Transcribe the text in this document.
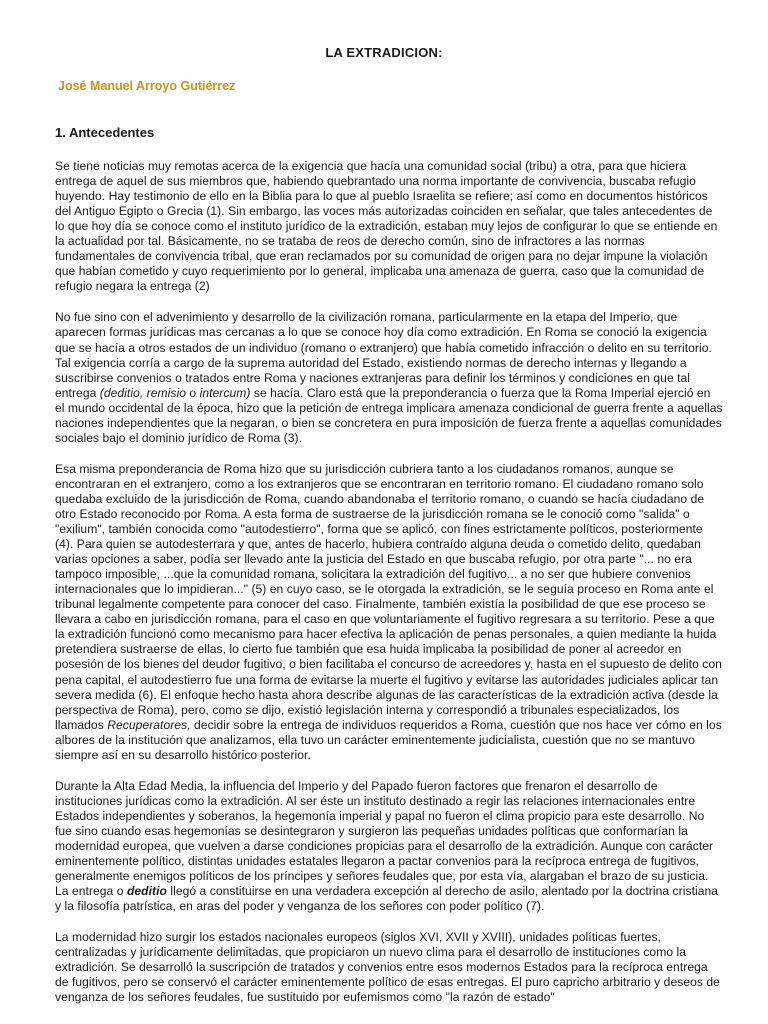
LA EXTRADICION:
José Manuel Arroyo Gutiérrez
1. Antecedentes

Se tiene noticias muy remotas acerca de la exigencia que hacía una comunidad social (tribu) a otra, para que hiciera entrega de aquel de sus miembros que, habiendo quebrantado una norma importante de convivencia, buscaba refugio huyendo. Hay testimonio de ello en la Biblia para lo que al pueblo Israelita se refiere; así como en documentos históricos del Antiguo Egipto o Grecia (1). Sin embargo, las voces más autorizadas coinciden en señalar, que tales antecedentes de lo que hoy día se conoce como el instituto jurídico de la extradición, estaban muy lejos de configurar lo que se entiende en la actualidad por tal. Básicamente, no se trataba de reos de derecho común, sino de infractores a las normas fundamentales de convivencia tribal, que eran reclamados por su comunidad de origen para no dejar impune la violación que habían cometido y cuyo requerimiento por lo general, implicaba una amenaza de guerra, caso que la comunidad de refugio negara la entrega (2)

No fue sino con el advenimiento y desarrollo de la civilización romana, particularmente en la etapa del Imperio, que aparecen formas jurídicas mas cercanas a lo que se conoce hoy día como extradición. En Roma se conoció la exigencia que se hacía a otros estados de un individuo (romano o extranjero) que había cometido infracción o delito en su territorio. Tal exigencia corría a cargo de la suprema autoridad del Estado, existiendo normas de derecho internas y llegando a suscribirse convenios o tratados entre Roma y naciones extranjeras para definir los términos y condiciones en que tal entrega (deditio, remisio o intercum) se hacía. Claro está que la preponderancia o fuerza que la Roma Imperial ejerció en el mundo occidental de la época, hizo que la petición de entrega implicara amenaza condicional de guerra frente a aquellas naciones independientes que la negaran, o bien se concretera en pura imposición de fuerza frente a aquellas comunidades sociales bajo el dominio jurídico de Roma (3).

Esa misma preponderancia de Roma hizo que su jurisdicción cubriera tanto a los ciudadanos romanos, aunque se encontraran en el extranjero, como a los extranjeros que se encontraran en territorio romano. El ciudadano romano solo quedaba excluido de la jurisdicción de Roma, cuando abandonaba el territorio romano, o cuando se hacía ciudadano de otro Estado reconocido por Roma. A esta forma de sustraerse de la jurisdicción romana se le conoció como "salida" o "exilium", también conocida como "autodestierro", forma que se aplicó, con fines estrictamente políticos, posteriormente (4). Para quien se autodesterrara y que, antes de hacerlo, hubiera contraído alguna deuda o cometido delito, quedaban varias opciones a saber, podía ser llevado ante la justicia del Estado en que buscaba refugio, por otra parte "... no era tampoco imposible, ...que la comunidad romana, solicitara la extradición del fugitivo... a no ser que hubiere convenios internacionales que lo impidieran..." (5) en cuyo caso, se le otorgada la extradición, se le seguía proceso en Roma ante el tribunal legalmente competente para conocer del caso. Finalmente, también existía la posibilidad de que ese proceso se llevara a cabo en jurisdicción romana, para el caso en que voluntariamente el fugitivo regresara a su territorio. Pese a que la extradición funcionó como mecanismo para hacer efectiva la aplicación de penas personales, a quien mediante la huida pretendiera sustraerse de ellas, lo cierto fue también que esa huida implicaba la posibilidad de poner al acreedor en posesión de los bienes del deudor fugitivo, o bien facilitaba el concurso de acreedores y, hasta en el supuesto de delito con pena capital, el autodestierro fue una forma de evitarse la muerte el fugitivo y evitarse las autoridades judiciales aplicar tan severa medida (6). El enfoque hecho hasta ahora describe algunas de las características de la extradición activa (desde la perspectiva de Roma), pero, como se dijo, existió legislación interna y correspondió a tribunales especializados, los llamados Recuperatores, decidir sobre la entrega de individuos requeridos a Roma, cuestión que nos hace ver cómo en los albores de la institución que analizamos, ella tuvo un carácter eminentemente judicialista, cuestión que no se mantuvo siempre así en su desarrollo histórico posterior.

Durante la Alta Edad Media, la influencia del Imperio y del Papado fueron factores que frenaron el desarrollo de instituciones jurídicas como la extradición. Al ser éste un instituto destinado a regir las relaciones internacionales entre Estados independientes y soberanos, la hegemonía imperial y papal no fueron el clima propicio para este desarrollo. No fue sino cuando esas hegemonías se desintegraron y surgieron las pequeñas unidades políticas que conformarían la modernidad europea, que vuelven a darse condiciones propicias para el desarrollo de la extradición. Aunque con carácter eminentemente político, distintas unidades estatales llegaron a pactar convenios para la recíproca entrega de fugitivos, generalmente enemigos políticos de los príncipes y señores feudales que, por esta vía, alargaban el brazo de su justicia. La entrega o deditio llegó a constituirse en una verdadera excepción al derecho de asilo, alentado por la doctrina cristiana y la filosofía patrística, en aras del poder y venganza de los señores con poder político (7).

La modernidad hizo surgir los estados nacionales europeos (siglos XVI, XVII y XVIII), unidades políticas fuertes, centralizadas y jurídicamente delimitadas, que propiciaron un nuevo clima para el desarrollo de instituciones como la extradición. Se desarrolló la suscripción de tratados y convenios entre esos modernos Estados para la recíproca entrega de fugitivos, pero se conservó el carácter eminentemente político de esas entregas. El puro capricho arbitrario y deseos de venganza de los señores feudales, fue sustituido por eufemismos como "la razón de estado"
